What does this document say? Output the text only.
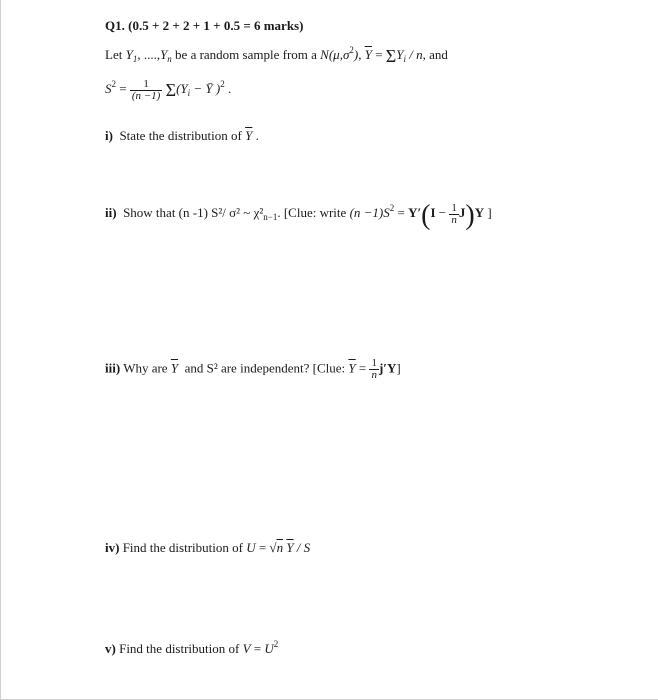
Q1. (0.5 + 2 + 2 + 1 + 0.5 = 6 marks)
Let $Y_1$, $....,Y_n$ be a random sample from a $N(\mu,\sigma^2)$, $\overline{Y} = \Sigma Y_i / n$, and
$S^2 = \frac{1}{(n -1)} \Sigma(Y_i$ − Ȳ )$^2$ .
i) State the distribution of $\overline{Y}$ .
ii) Show that (n -1) S²/ σ² ~ $\chi^2_{n-1}$. [Clue: write $(n -1)S^2 = Y'(I - \frac{1}{n} J)Y$ ]
iii) Why are $\overline{Y}$ and S² are independent? [Clue: $\overline{Y} = \frac{1}{n} j'Y$]
iv) Find the distribution of U = √n $\overline{Y}$ / S
v) Find the distribution of $V = U^2$
